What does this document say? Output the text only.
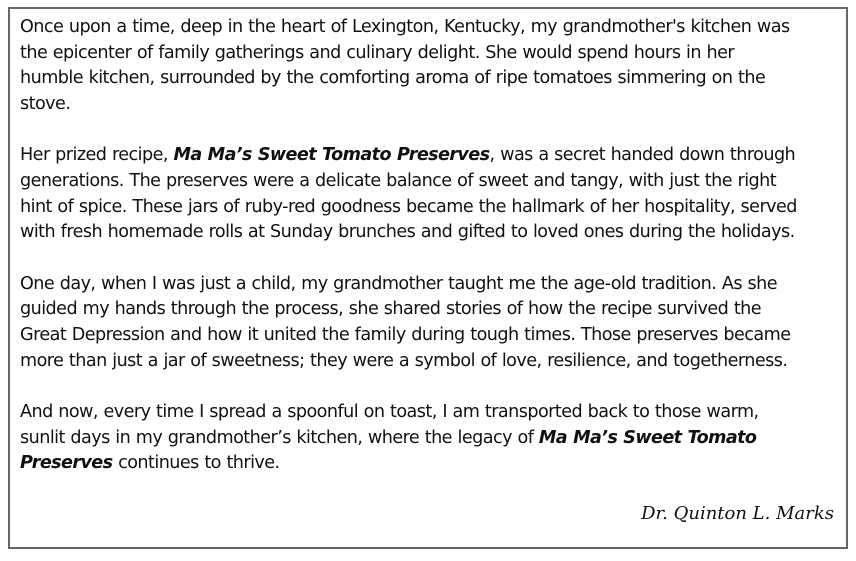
Once upon a time, deep in the heart of Lexington, Kentucky, my grandmother's kitchen was
the epicenter of family gatherings and culinary delight. She would spend hours in her
humble kitchen, surrounded by the comforting aroma of ripe tomatoes simmering on the
stove.

Her prized recipe, Ma Ma’s Sweet Tomato Preserves, was a secret handed down through
generations. The preserves were a delicate balance of sweet and tangy, with just the right
hint of spice. These jars of ruby-red goodness became the hallmark of her hospitality, served
with fresh homemade rolls at Sunday brunches and gifted to loved ones during the holidays.

One day, when I was just a child, my grandmother taught me the age-old tradition. As she
guided my hands through the process, she shared stories of how the recipe survived the
Great Depression and how it united the family during tough times. Those preserves became
more than just a jar of sweetness; they were a symbol of love, resilience, and togetherness.

And now, every time I spread a spoonful on toast, I am transported back to those warm,
sunlit days in my grandmother’s kitchen, where the legacy of Ma Ma’s Sweet Tomato
Preserves continues to thrive.

Dr. Quinton L. Marks
